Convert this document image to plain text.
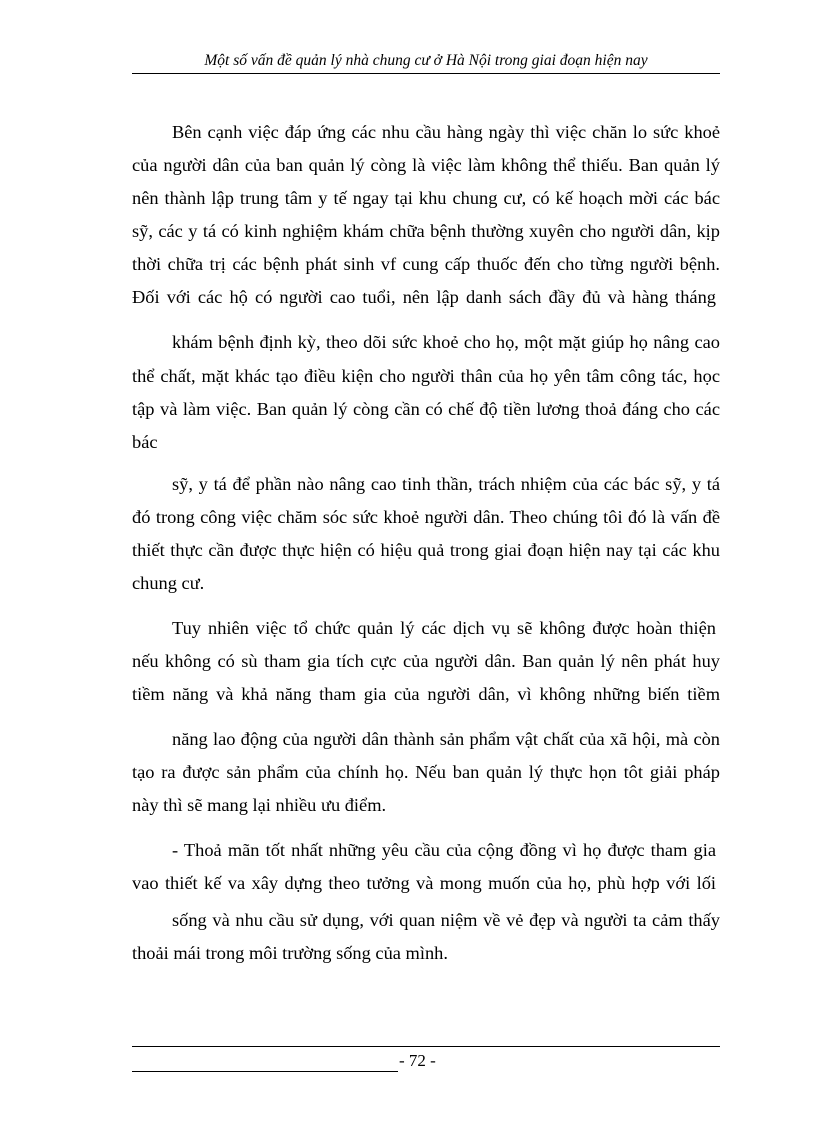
Một số vấn đề quản lý nhà chung cư ở Hà Nội trong giai đoạn hiện nay
Bên cạnh việc đáp ứng các nhu cầu hàng ngày thì việc chăn lo sức khoẻ
của người dân của ban quản lý còng là việc làm không thể thiếu. Ban quản lý
nên thành lập trung tâm y tế ngay tại khu chung cư, có kế hoạch mời các bác
sỹ, các y tá có kinh nghiệm khám chữa bệnh thường xuyên cho người dân, kịp
thời chữa trị các bệnh phát sinh vf cung cấp thuốc đến cho từng người bệnh.
Đối với các hộ có người cao tuổi, nên lập danh sách đầy đủ và hàng tháng
khám bệnh định kỳ, theo dõi sức khoẻ cho họ, một mặt giúp họ nâng cao
thể chất, mặt khác tạo điều kiện cho người thân của họ yên tâm công tác, học
tập và làm việc. Ban quản lý còng cần có chế độ tiền lương thoả đáng cho các
bác
sỹ, y tá để phần nào nâng cao tinh thần, trách nhiệm của các bác sỹ, y tá
đó trong công việc chăm sóc sức khoẻ người dân. Theo chúng tôi đó là vấn đề
thiết thực cần được thực hiện có hiệu quả trong giai đoạn hiện nay tại các khu
chung cư.
Tuy nhiên việc tổ chức quản lý các dịch vụ sẽ không được hoàn thiện
nếu không có sù tham gia tích cực của người dân. Ban quản lý nên phát huy
tiềm năng và khả năng tham gia của người dân, vì không những biến tiềm
năng lao động của người dân thành sản phẩm vật chất của xã hội, mà còn
tạo ra được sản phẩm của chính họ. Nếu ban quản lý thực họn tôt giải pháp
này thì sẽ mang lại nhiều ưu điểm.
- Thoả mãn tốt nhất những yêu cầu của cộng đồng vì họ được tham gia
vao thiết kế va xây dựng theo tưởng và mong muốn của họ, phù hợp với lối
sống và nhu cầu sử dụng, với quan niệm về vẻ đẹp và người ta cảm thấy
thoải mái trong môi trường sống của mình.
- 72 -
